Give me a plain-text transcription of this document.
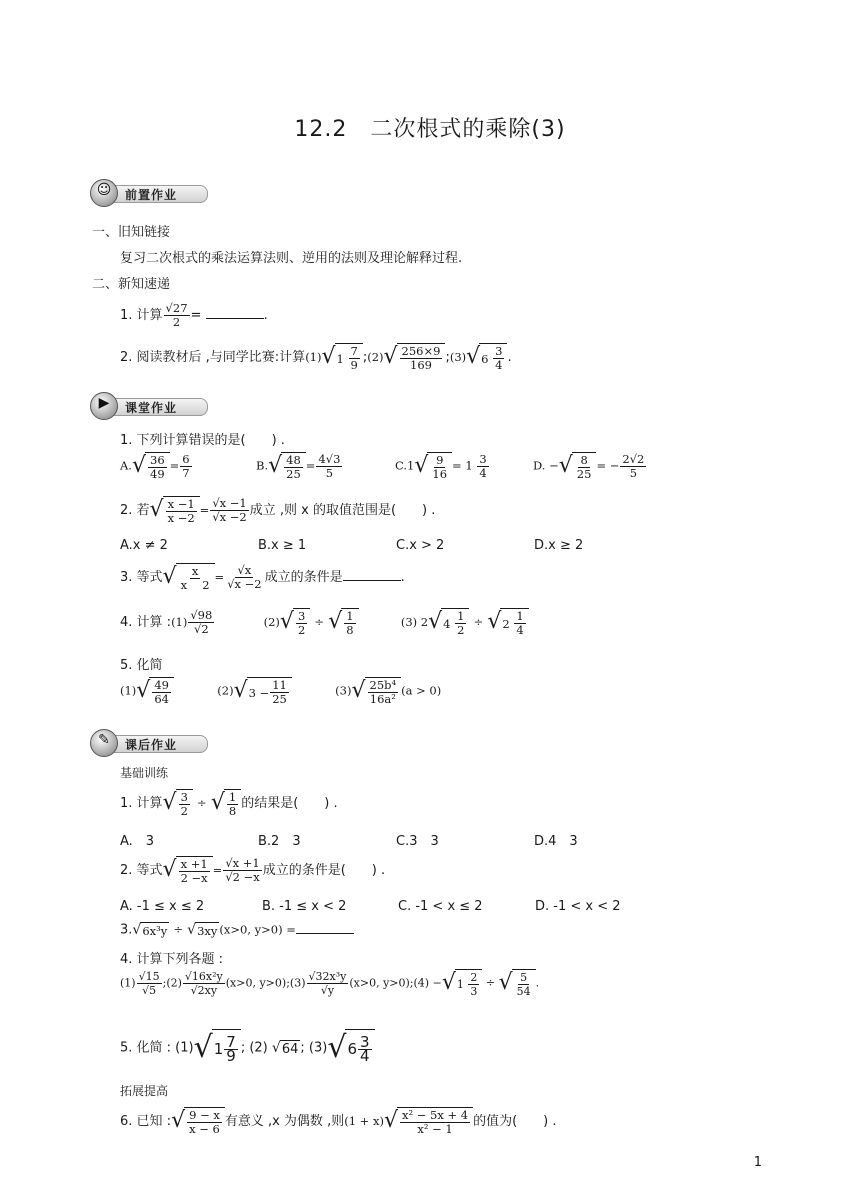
12.2　二次根式的乘除(3)
前置作业
☺
一、旧知链接
复习二次根式的乘法运算法则、逆用的法则及理论解释过程.
二、新知速递
1. 计算 $\frac{√27}{2}$ =	.
2. 阅读教材后 ,与同学比赛:计算(1) √ 1
$\frac{7}{9}$ ;(2) √ $\frac{256\times 9}{169}$ ;(3) √ 6
$\frac{3}{4}$ .
课堂作业
▶
1. 下列计算错误的是(　　) .
A. √ $\frac{36}{49} = \frac{6}{7}$	B. √ $\frac{48}{25} = \frac{4√3}{5}$	C.1 √ $\frac{9}{16} = 1 \frac{3}{4}$	D. − √ $\frac{8}{25}$ = − $\frac{2√2}{5}$
2. 若 √ $\frac{x -1}{x -2} = \frac{√x -1}{√x -2}$ 成立 ,则 x 的取值范围是(　　) .
A.x ≠ 2	B.x ≥ 1	C.x > 2	D.x ≥ 2
3. 等式 √ $\frac{x}{x 2} = \frac{√x}{√x -2}$ 成立的条件是	.
4. 计算 :(1) $\frac{√98}{√2}$	(2) √ $\frac{3}{2}$ ÷ √ $\frac{1}{8}$	(3) 2 √ 4
$\frac{1}{2}$ ÷ √ 2
$\frac{1}{4}$
5. 化简
(1) √ $\frac{49}{64}$	(2) √ $3 - \frac{11}{25}$	(3) √ $\frac{\text{25b⁴}}{\text{16a²}} (a > 0)$
课后作业
✎
基础训练
1. 计算 √ $\frac{3}{2}$ ÷ √ $\frac{1}{8}$ 的结果是(　　) .
A.　3	B.2　3	C.3　3	D.4　3
2. 等式 √ $\frac{x +1}{2 -x} = \frac{√x +1}{√2 -x}$ 成立的条件是(　　) .
A. -1 ≤ x ≤ 2	B. -1 ≤ x < 2	C. -1 < x ≤ 2	D. -1 < x < 2
3. √ 6x³y ÷ √ 3xy (x>0, y>0) =
4. 计算下列各题 :
$(1) \frac{√15}{√5}$ ;(2) $\frac{\text{√16x²y}}{√2xy} (x>0$, y>0);(3) $\frac{\text{√32x³y}}{√y} (x>0$, y>0);(4) − √ 1
$\frac{2}{3}$ ÷ √ $\frac{5}{54}$ .
5. 化简 : (1) √ $1 \frac{7}{9}$ ; (2) √ 64 ; (3) √ $6 \frac{3}{4}$
拓展提高
6. 已知 : √ $\frac{9 - x}{x - 6}$ 有意义 ,x 为偶数 ,则(1 + x) √ $\frac{\text{x² − 5x + 4}}{\text{x² − 1}}$ 的值为(　　) .
1
